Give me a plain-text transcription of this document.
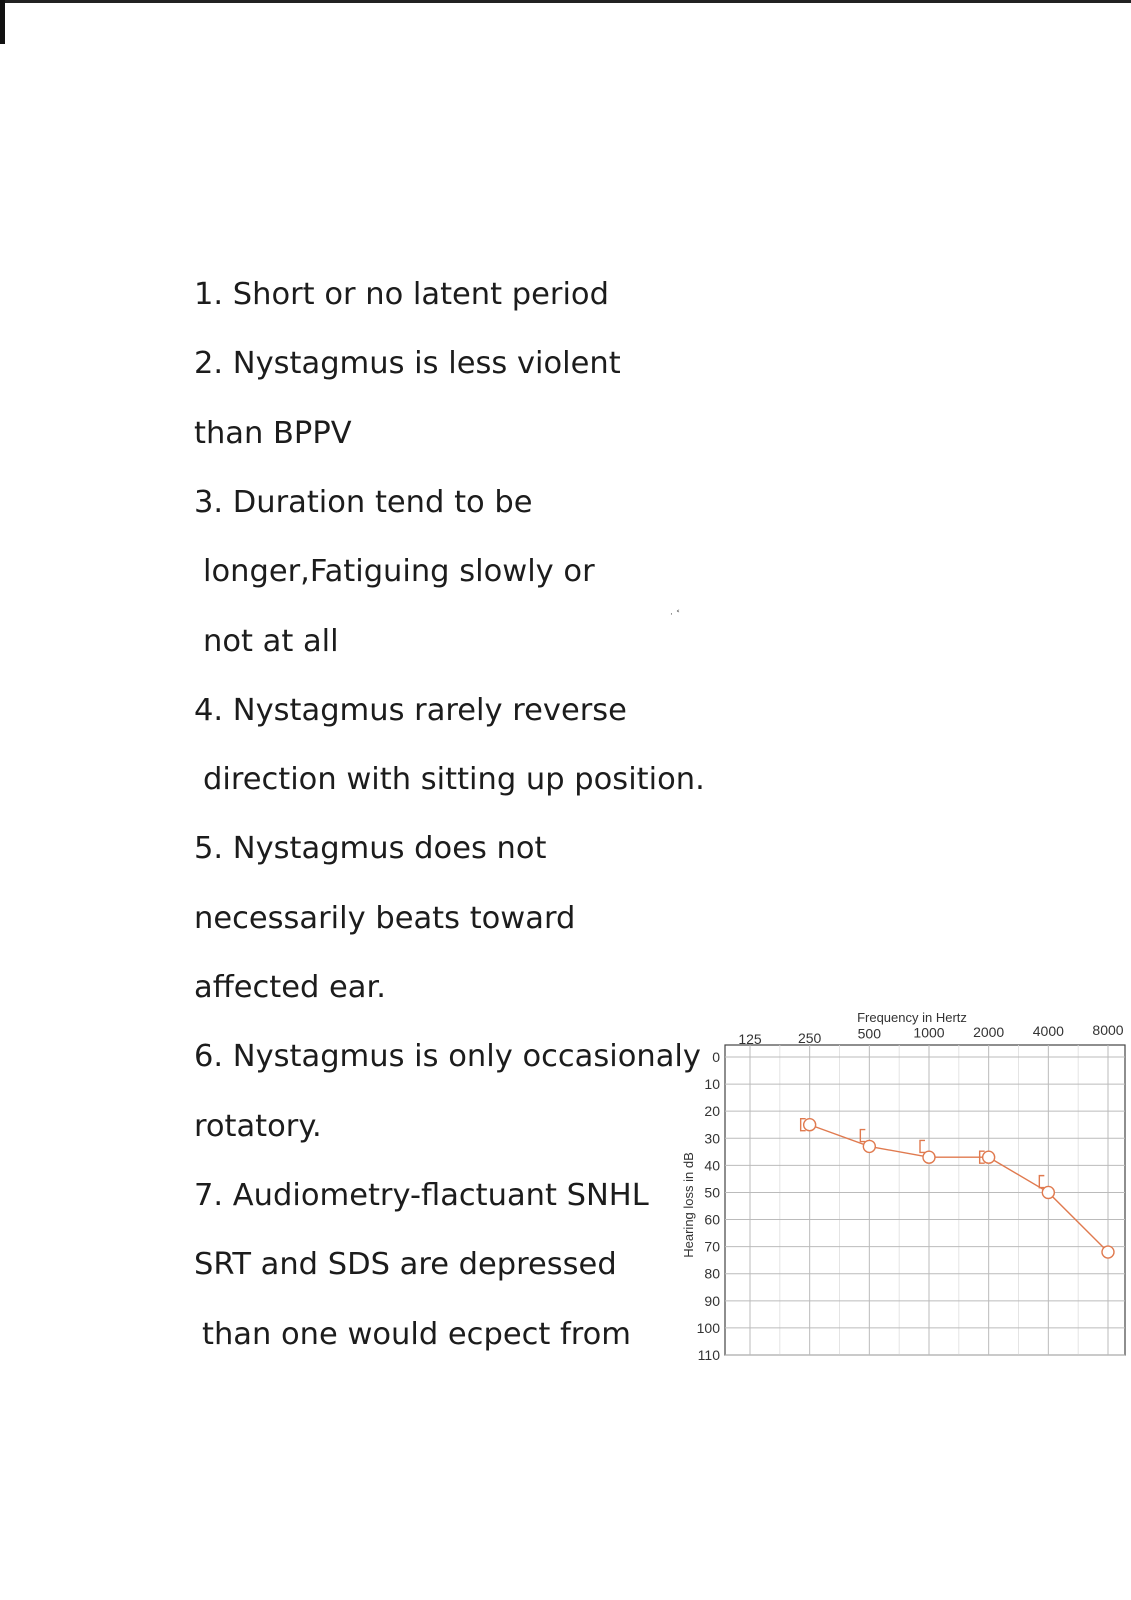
1. Short or no latent period

2. Nystagmus is less violent

than BPPV

3. Duration tend to be

longer,Fatiguing slowly or

not at all

4. Nystagmus rarely reverse

direction with sitting up position.

5. Nystagmus does not

necessarily beats toward

affected ear.

6. Nystagmus is only occasionaly

rotatory.

7. Audiometry-flactuant SNHL

SRT and SDS are depressed

than one would ecpect from

⋅ ˂
125	250	500 1000 2000 4000 8000
0
10
20
30
40
50
60
70
80
90
100
110
Frequency in Hertz
Hearing loss in dB
